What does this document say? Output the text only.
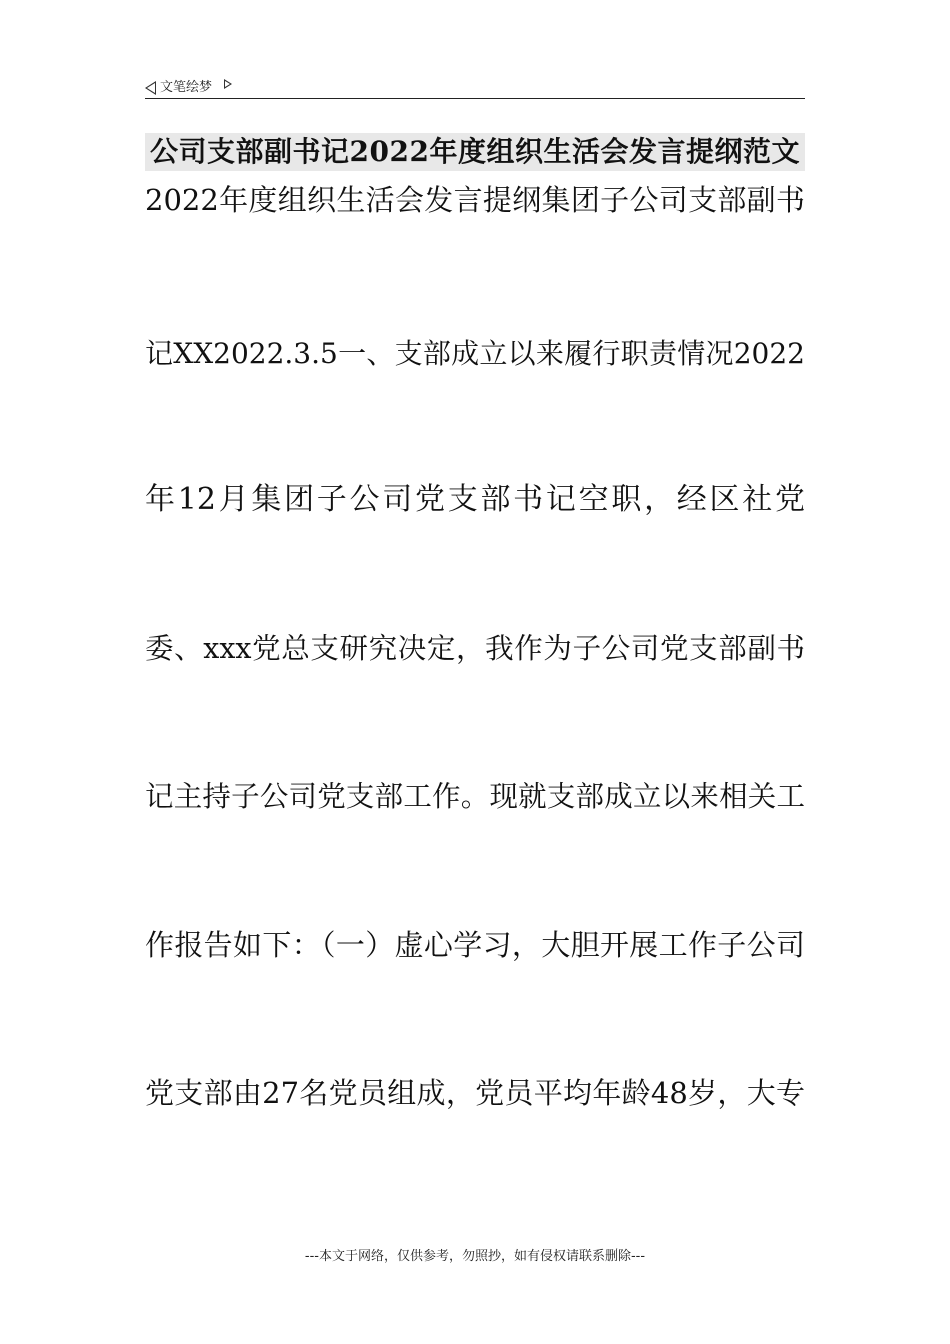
文笔绘梦
公司支部副书记2022年度组织生活会发言提纲范文
2022年度组织生活会发言提纲集团子公司支部副书
记XX2022.3.5一、支部成立以来履行职责情况2022
年12月集团子公司党支部书记空职，经区社党
委、xxx党总支研究决定，我作为子公司党支部副书
记主持子公司党支部工作。现就支部成立以来相关工
作报告如下：（一）虚心学习，大胆开展工作子公司
党支部由27名党员组成，党员平均年龄48岁，大专
---本文于网络，仅供参考，勿照抄，如有侵权请联系删除---
